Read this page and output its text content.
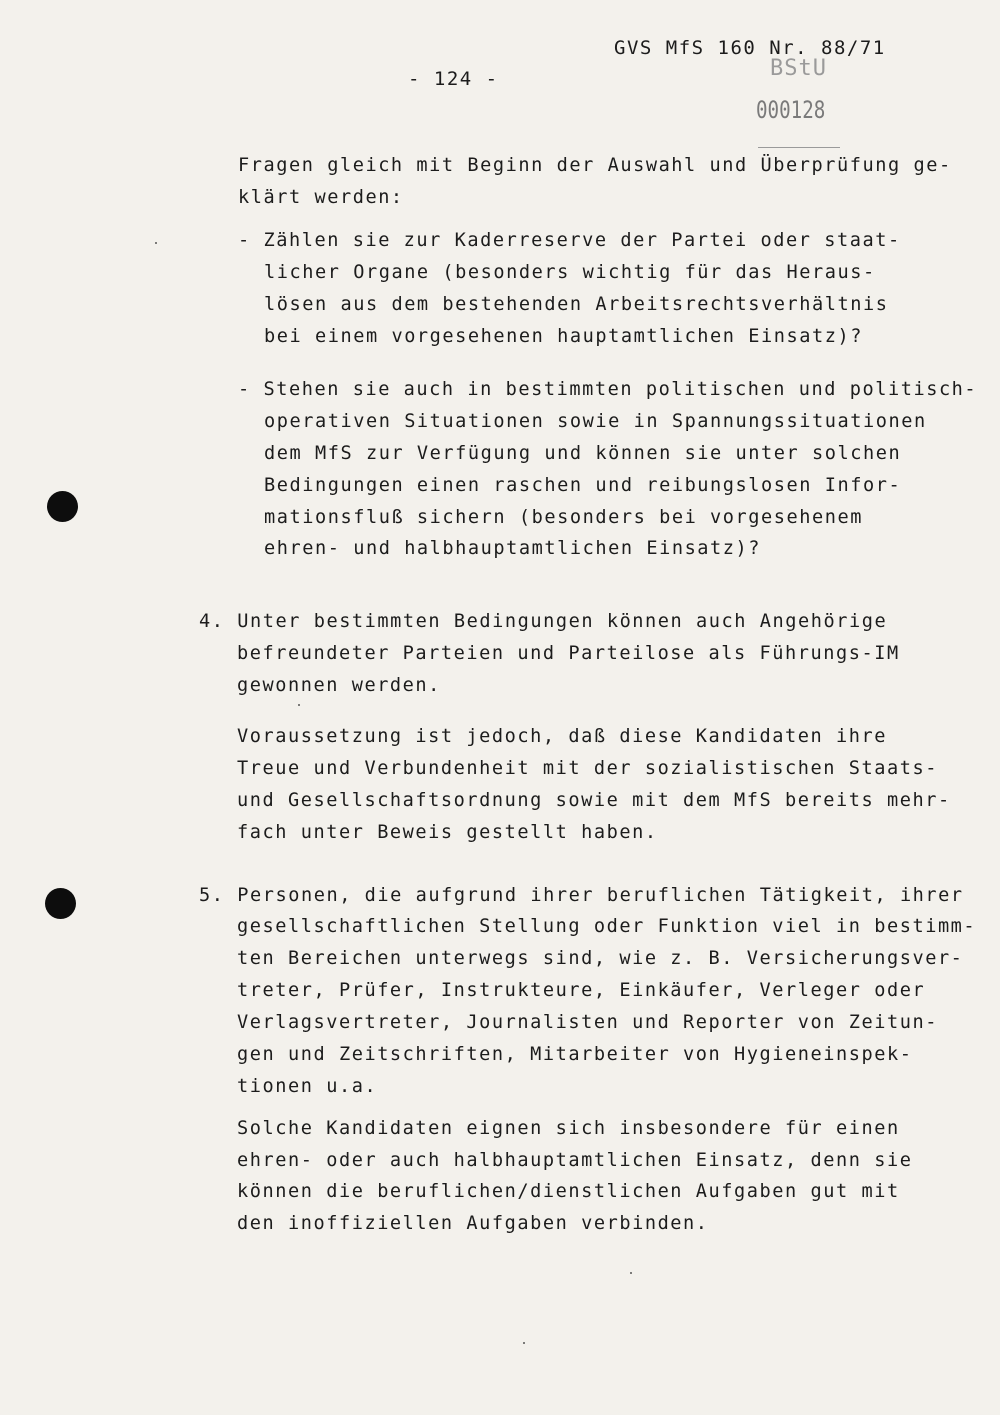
- 124 -
GVS MfS 160 Nr. 88/71
BStU
000128
Fragen gleich mit Beginn der Auswahl und Überprüfung ge-
klärt werden:
- Zählen sie zur Kaderreserve der Partei oder staat-
licher Organe (besonders wichtig für das Heraus-
lösen aus dem bestehenden Arbeitsrechtsverhältnis
bei einem vorgesehenen hauptamtlichen Einsatz)?
- Stehen sie auch in bestimmten politischen und politisch-
operativen Situationen sowie in Spannungssituationen
dem MfS zur Verfügung und können sie unter solchen
Bedingungen einen raschen und reibungslosen Infor-
mationsfluß sichern (besonders bei vorgesehenem
ehren- und halbhauptamtlichen Einsatz)?
4. Unter bestimmten Bedingungen können auch Angehörige
befreundeter Parteien und Parteilose als Führungs-IM
gewonnen werden.
Voraussetzung ist jedoch, daß diese Kandidaten ihre
Treue und Verbundenheit mit der sozialistischen Staats-
und Gesellschaftsordnung sowie mit dem MfS bereits mehr-
fach unter Beweis gestellt haben.
5. Personen, die aufgrund ihrer beruflichen Tätigkeit, ihrer
gesellschaftlichen Stellung oder Funktion viel in bestimm-
ten Bereichen unterwegs sind, wie z. B. Versicherungsver-
treter, Prüfer, Instrukteure, Einkäufer, Verleger oder
Verlagsvertreter, Journalisten und Reporter von Zeitun-
gen und Zeitschriften, Mitarbeiter von Hygieneinspek-
tionen u.a.
Solche Kandidaten eignen sich insbesondere für einen
ehren- oder auch halbhauptamtlichen Einsatz, denn sie
können die beruflichen/dienstlichen Aufgaben gut mit
den inoffiziellen Aufgaben verbinden.
